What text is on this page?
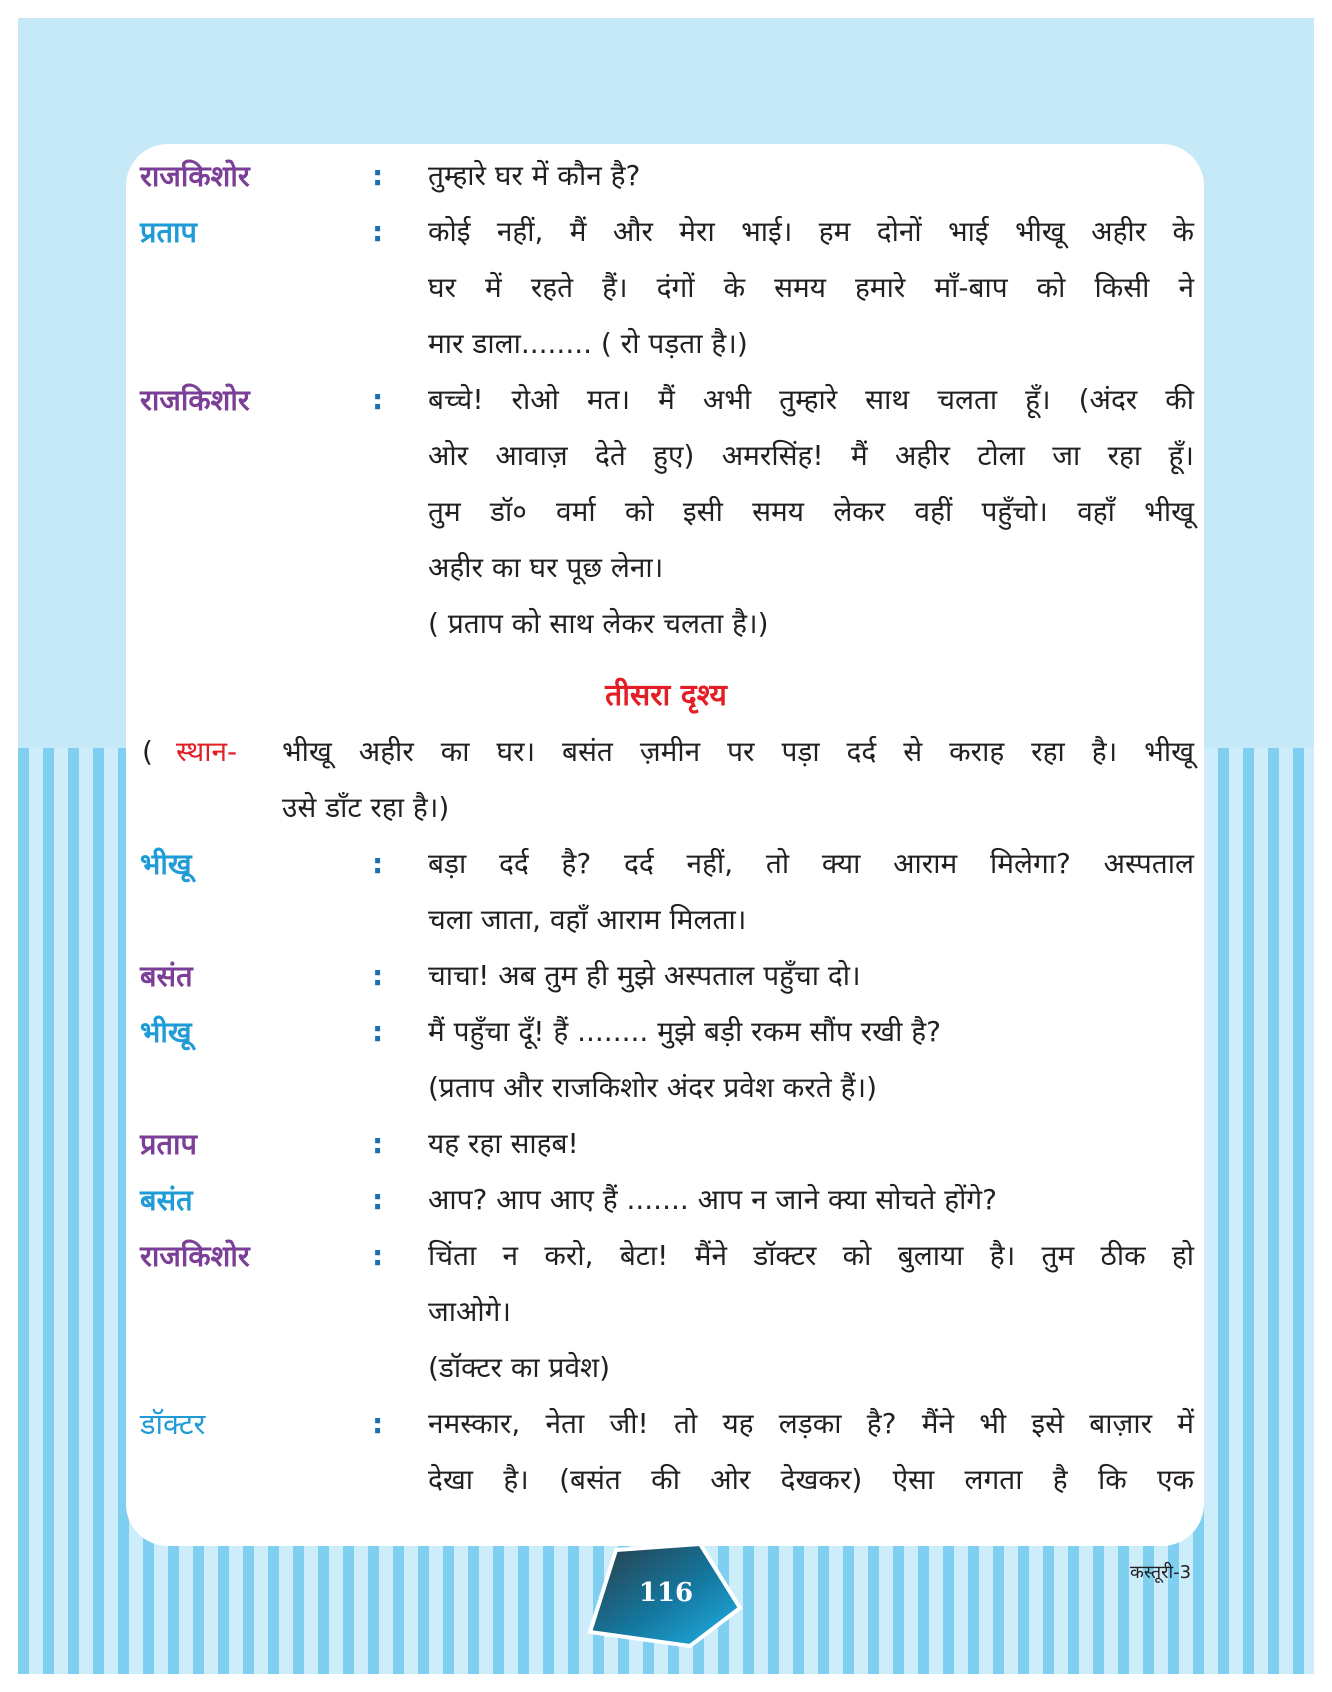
राजकिशोर	: तुम्हारे घर में कौन है?
प्रताप	: कोई नहीं, मैं और मेरा भाई। हम दोनों भाई भीखू अहीर के
घर में रहते हैं। दंगों के समय हमारे माँ-बाप को किसी ने
मार डाला........ ( रो पड़ता है।)
राजकिशोर	: बच्चे! रोओ मत। मैं अभी तुम्हारे साथ चलता हूँ। (अंदर की
ओर आवाज़ देते हुए) अमरसिंह! मैं अहीर टोला जा रहा हूँ।
तुम डॉ० वर्मा को इसी समय लेकर वहीं पहुँचो। वहाँ भीखू
अहीर का घर पूछ लेना।
( प्रताप को साथ लेकर चलता है।)
तीसरा दृश्य
( स्थान- भीखू अहीर का घर। बसंत ज़मीन पर पड़ा दर्द से कराह रहा है। भीखू
उसे डाँट रहा है।)
भीखू	: बड़ा दर्द है? दर्द नहीं, तो क्या आराम मिलेगा? अस्पताल
चला जाता, वहाँ आराम मिलता।
बसंत	: चाचा! अब तुम ही मुझे अस्पताल पहुँचा दो।
भीखू	: मैं पहुँचा दूँ! हैं ........ मुझे बड़ी रकम सौंप रखी है?
(प्रताप और राजकिशोर अंदर प्रवेश करते हैं।)
प्रताप	: यह रहा साहब!
बसंत	: आप? आप आए हैं ....... आप न जाने क्या सोचते होंगे?
राजकिशोर	: चिंता न करो, बेटा! मैंने डॉक्टर को बुलाया है। तुम ठीक हो
जाओगे।
(डॉक्टर का प्रवेश)
डॉक्टर	: नमस्कार, नेता जी! तो यह लड़का है? मैंने भी इसे बाज़ार में
देखा है। (बसंत की ओर देखकर) ऐसा लगता है कि एक
116
कस्तूरी-3
